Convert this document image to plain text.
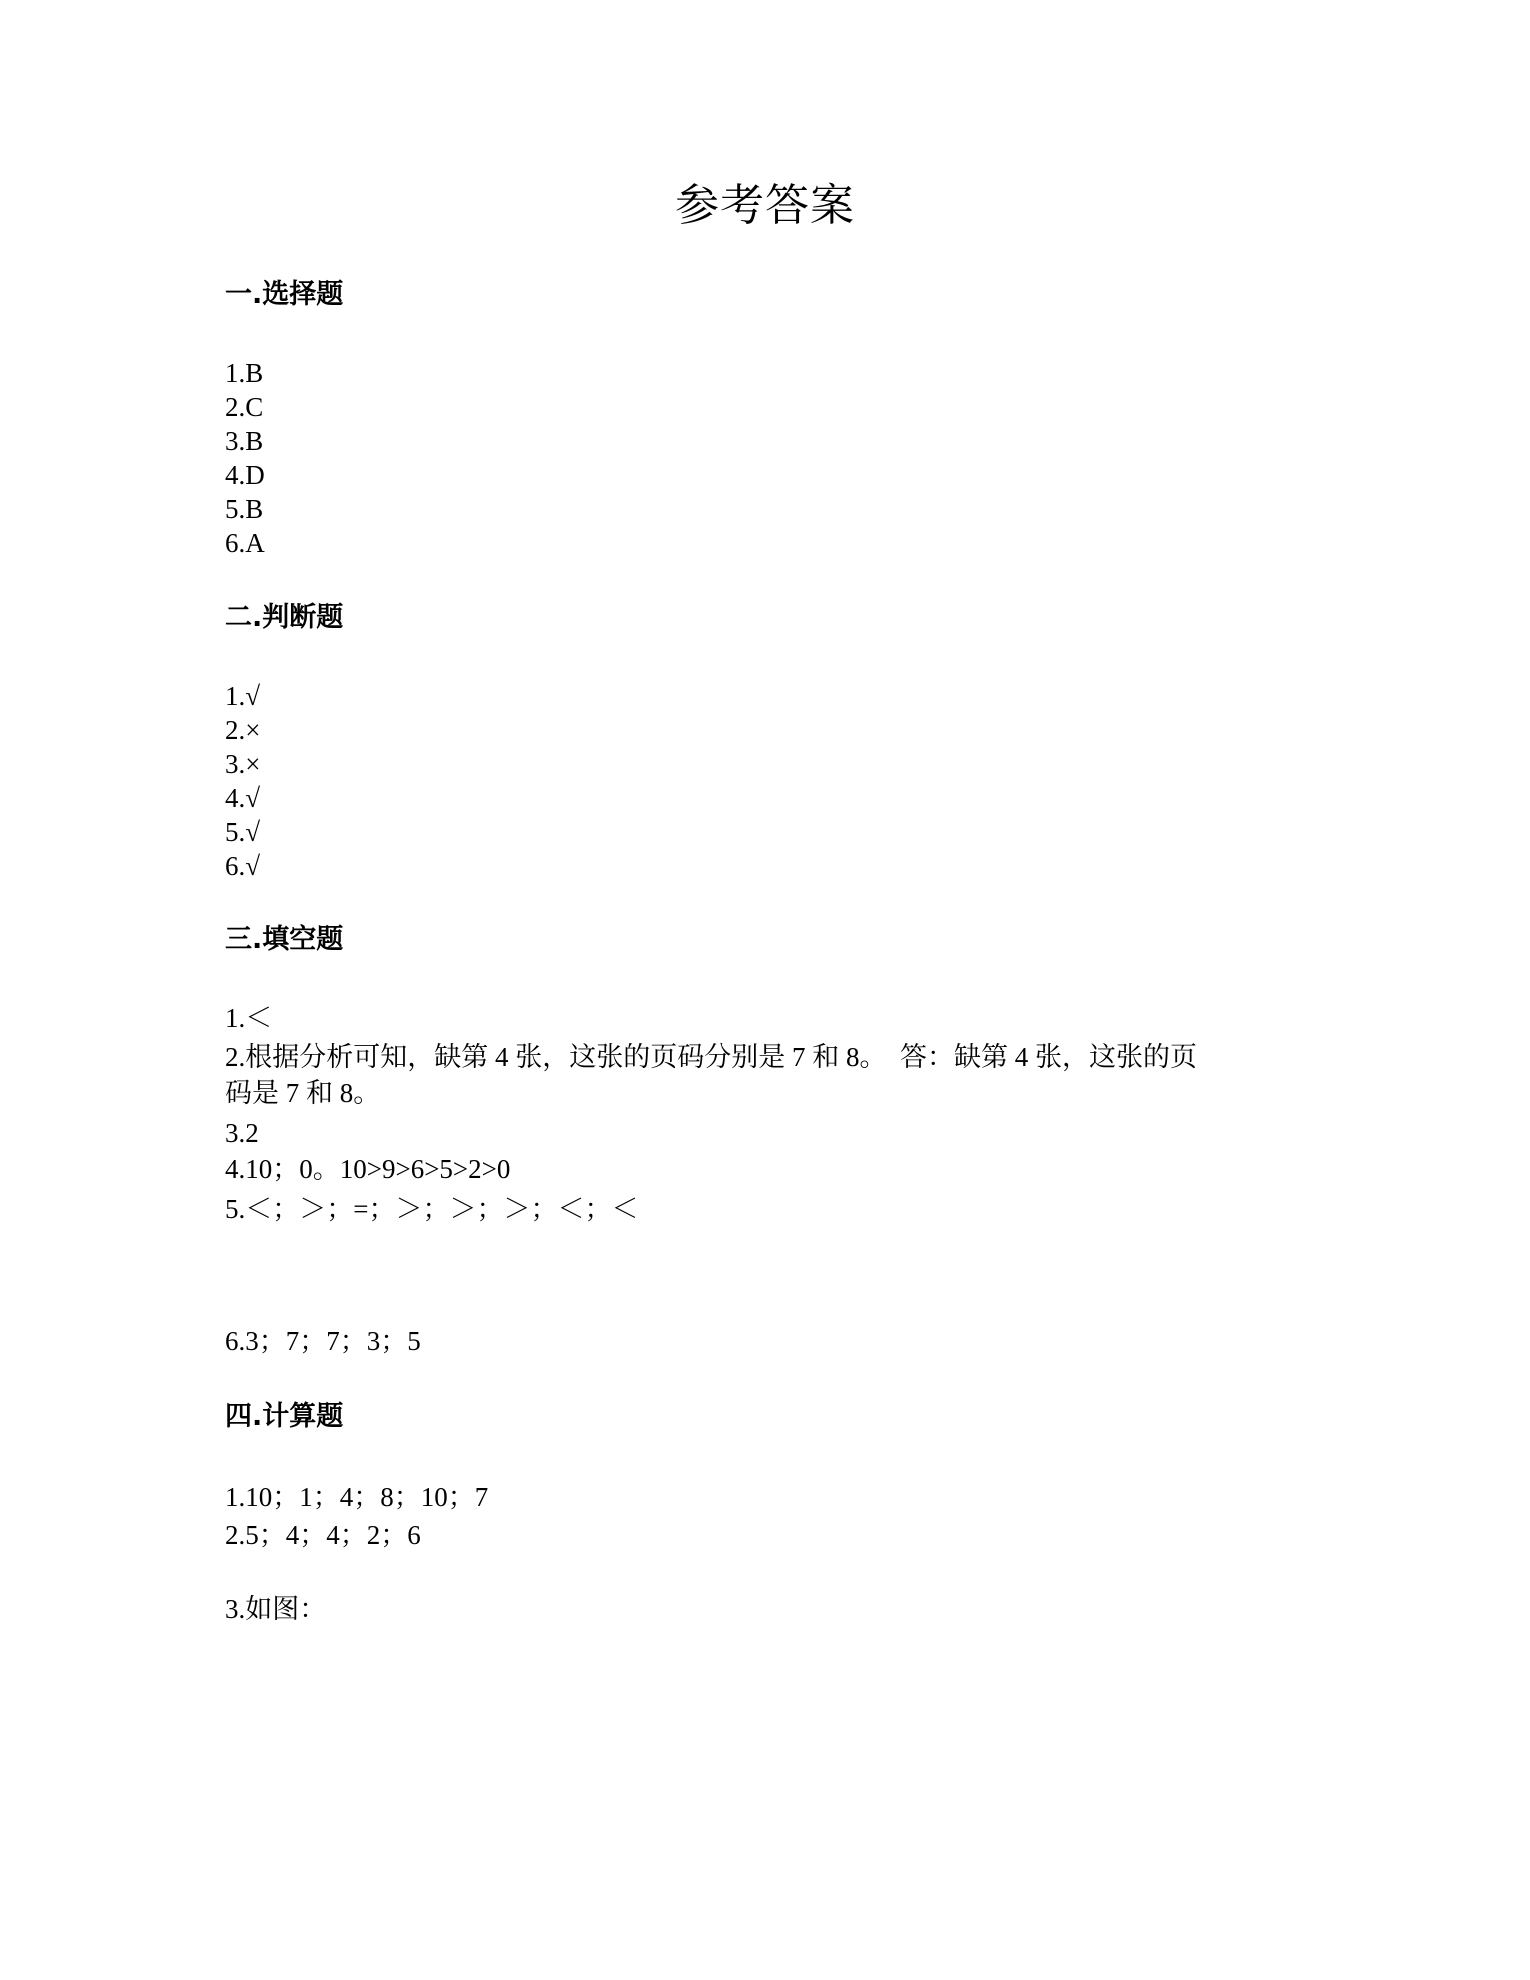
参考答案
一.选择题
1.B
2.C
3.B
4.D
5.B
6.A
二.判断题
1.√
2.×
3.×
4.√
5.√
6.√
三.填空题
1.＜
2.根据分析可知，缺第 4 张，这张的页码分别是 7 和 8。  答：缺第 4 张，这张的页
码是 7 和 8。
3.2
4.10；0。10>9>6>5>2>0
5.＜；＞；=；＞；＞；＞；＜；＜
6.3；7；7；3；5
四.计算题
1.10；1；4；8；10；7
2.5；4；4；2；6
3.如图：
